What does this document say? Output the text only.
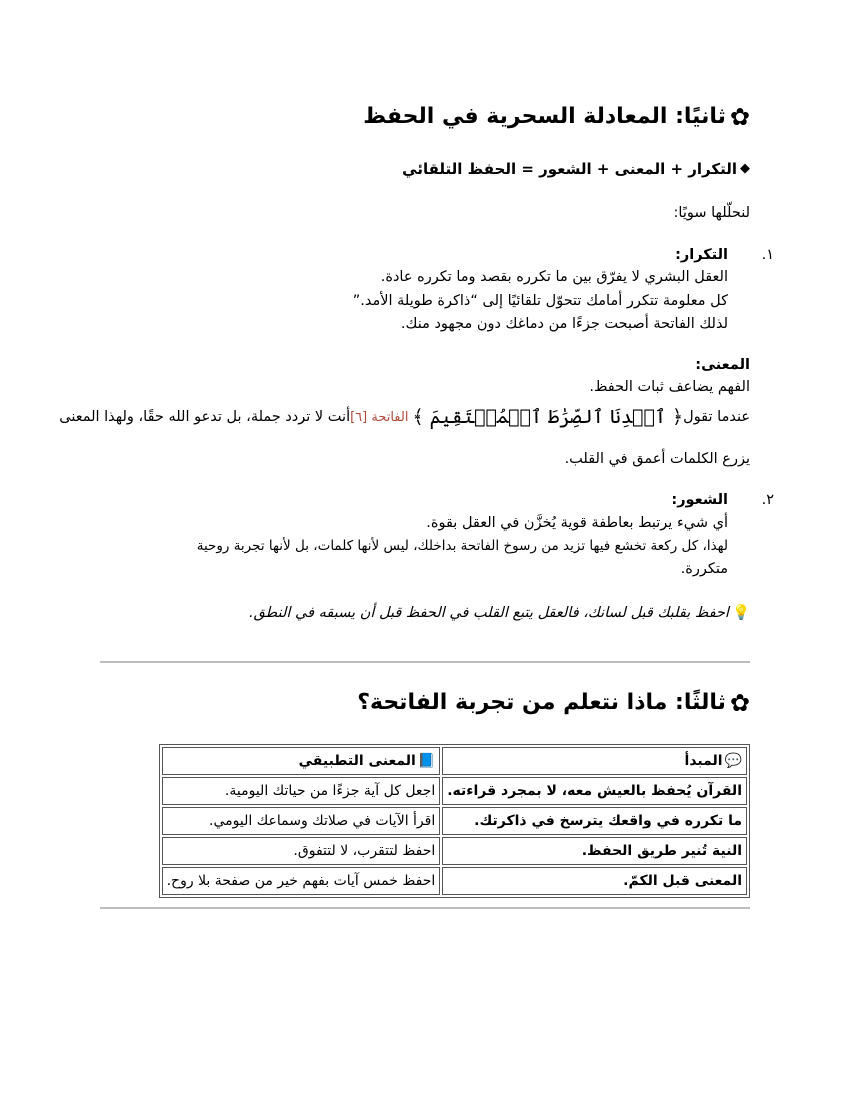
✿
ثانيًا: المعادلة السحرية في الحفظ
◆
التكرار + المعنى + الشعور = الحفظ التلقائي
لنحلّلها سويًا:
١.
التكرار:
العقل البشري لا يفرّق بين ما تكرره بقصد وما تكرره عادة.
كل معلومة تتكرر أمامك تتحوّل تلقائيًا إلى “ذاكرة طويلة الأمد.”
لذلك الفاتحة أصبحت جزءًا من دماغك دون مجهود منك.
المعنى:
الفهم يضاعف ثبات الحفظ.
عندما تقول
﴿ ٱهۡدِنَا ٱلصِّرَٰطَ ٱلۡمُسۡتَقِيمَ ﴾
الفاتحة [٦]
أنت لا تردد جملة، بل تدعو الله حقًا، ولهذا المعنى
يزرع الكلمات أعمق في القلب.
٢.
الشعور:
أي شيء يرتبط بعاطفة قوية يُخزَّن في العقل بقوة.
لهذا، كل ركعة تخشع فيها تزيد من رسوخ الفاتحة بداخلك، ليس لأنها كلمات، بل لأنها تجربة روحية
متكررة.
💡
احفظ بقلبك قبل لسانك، فالعقل يتبع القلب في الحفظ قبل أن يسبقه في النطق.
✿
ثالثًا: ماذا نتعلم من تجربة الفاتحة؟
💬المبدأ	📘المعنى التطبيقي
القرآن يُحفظ بالعيش معه، لا بمجرد قراءته.	اجعل كل آية جزءًا من حياتك اليومية.
ما تكرره في واقعك يترسخ في ذاكرتك.	اقرأ الآيات في صلاتك وسماعك اليومي.
النية تُنير طريق الحفظ.	احفظ لتتقرب، لا لتتفوق.
المعنى قبل الكمّ.	احفظ خمس آيات بفهم خير من صفحة بلا روح.
